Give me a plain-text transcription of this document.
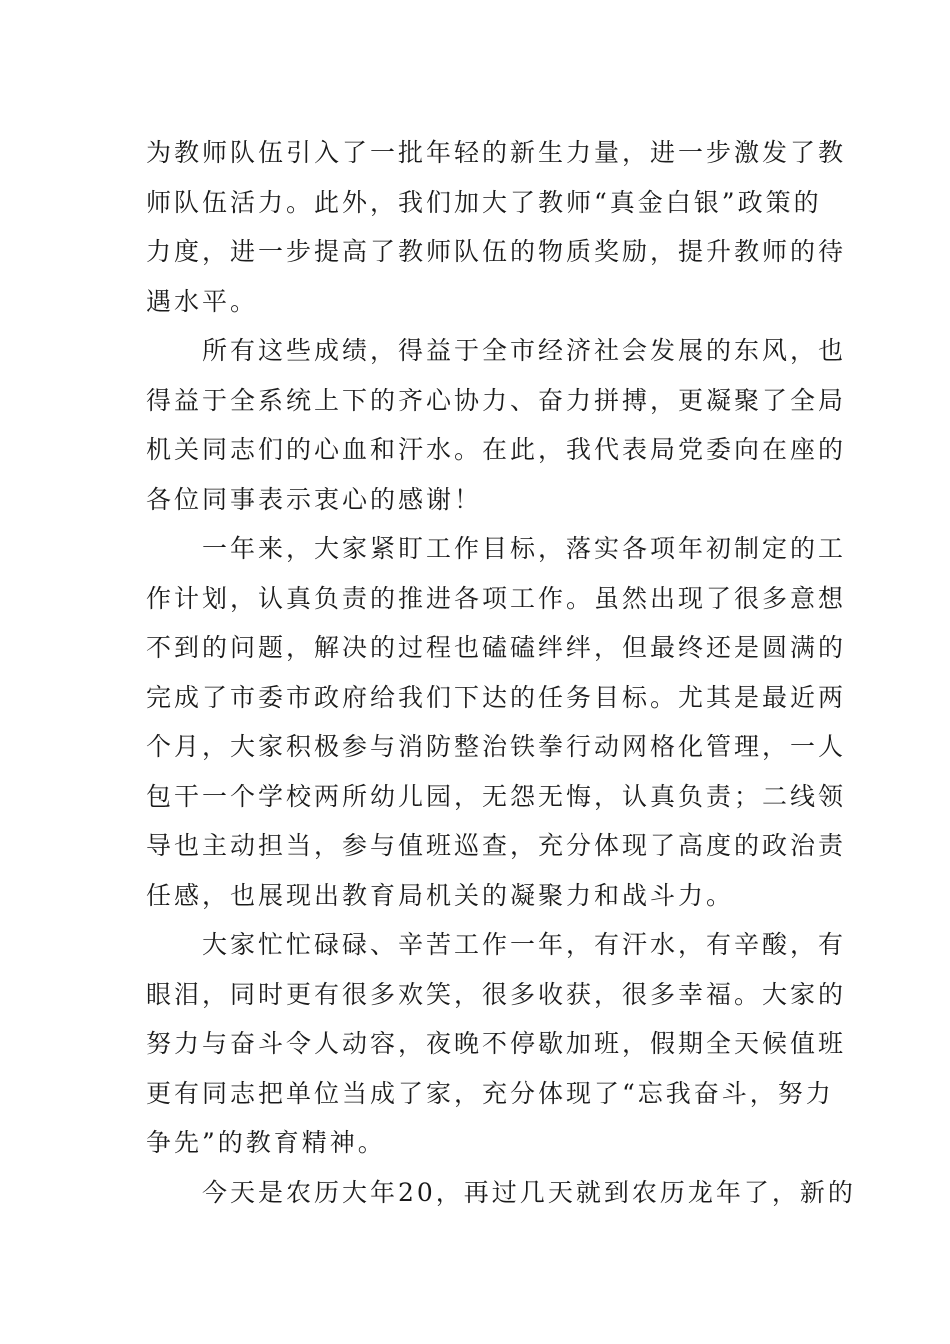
为教师队伍引入了一批年轻的新生力量，进一步激发了教
师队伍活力。此外，我们加大了教师“真金白银”政策的
力度，进一步提高了教师队伍的物质奖励，提升教师的待
遇水平。
所有这些成绩，得益于全市经济社会发展的东风，也
得益于全系统上下的齐心协力、奋力拼搏，更凝聚了全局
机关同志们的心血和汗水。在此，我代表局党委向在座的
各位同事表示衷心的感谢！
一年来，大家紧盯工作目标，落实各项年初制定的工
作计划，认真负责的推进各项工作。虽然出现了很多意想
不到的问题，解决的过程也磕磕绊绊，但最终还是圆满的
完成了市委市政府给我们下达的任务目标。尤其是最近两
个月，大家积极参与消防整治铁拳行动网格化管理，一人
包干一个学校两所幼儿园，无怨无悔，认真负责；二线领
导也主动担当，参与值班巡查，充分体现了高度的政治责
任感，也展现出教育局机关的凝聚力和战斗力。
大家忙忙碌碌、辛苦工作一年，有汗水，有辛酸，有
眼泪，同时更有很多欢笑，很多收获，很多幸福。大家的
努力与奋斗令人动容，夜晚不停歇加班，假期全天候值班
更有同志把单位当成了家，充分体现了“忘我奋斗，努力
争先”的教育精神。
今天是农历大年20，再过几天就到农历龙年了，新的
